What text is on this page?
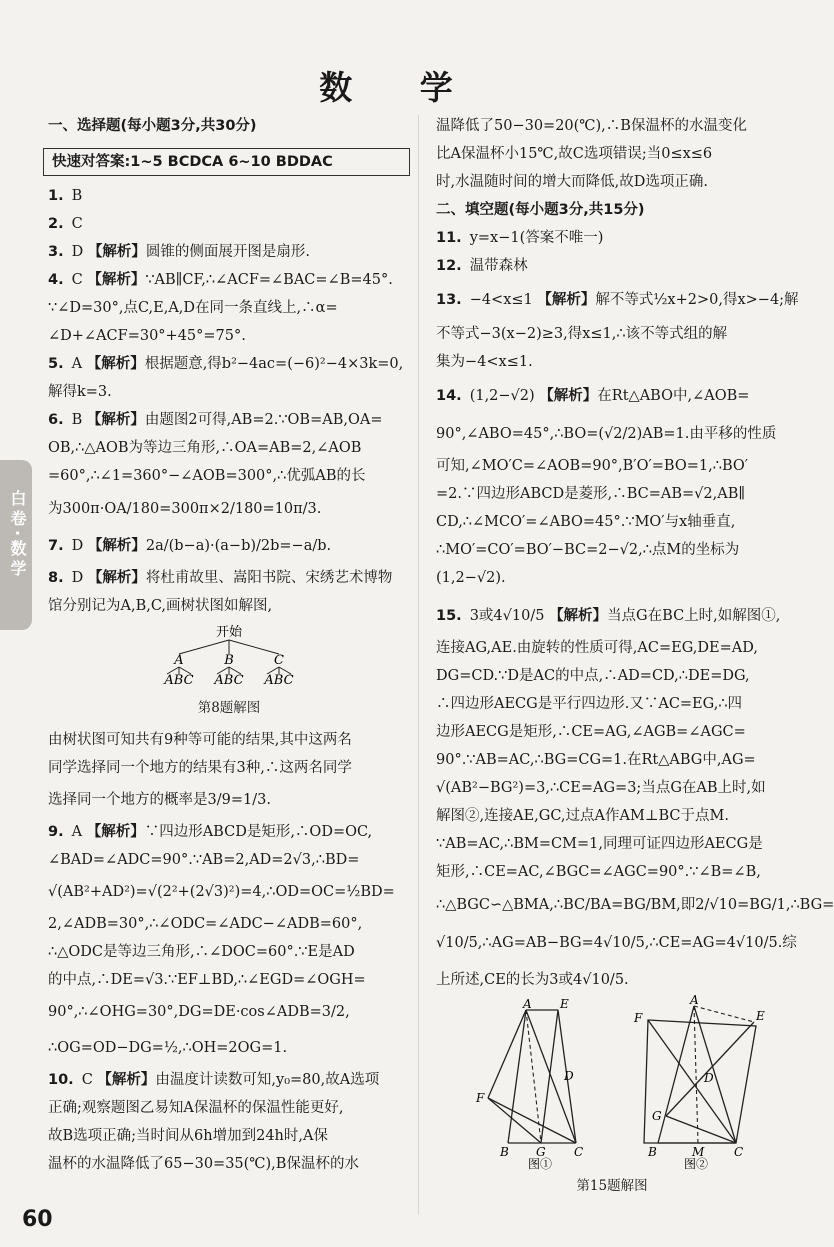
数 学
白卷·数学
一、选择题(每小题3分,共30分)
快速对答案:1~5 BCDCA 6~10 BDDAC
1. B
2. C
3. D 【解析】圆锥的侧面展开图是扇形.
4. C 【解析】∵AB∥CF,∴∠ACF=∠BAC=∠B=45°.
∵∠D=30°,点C,E,A,D在同一条直线上,∴α=
∠D+∠ACF=30°+45°=75°.
5. A 【解析】根据题意,得b²−4ac=(−6)²−4×3k=0,
解得k=3.
6. B 【解析】由题图2可得,AB=2.∵OB=AB,OA=
OB,∴△AOB为等边三角形,∴OA=AB=2,∠AOB
=60°,∴∠1=360°−∠AOB=300°,∴优弧AB的长
为300π·OA/180=300π×2/180=10π/3.
7. D 【解析】2a/(b−a)·(a−b)/2b=−a/b.
8. D 【解析】将杜甫故里、嵩阳书院、宋绣艺术博物
馆分别记为A,B,C,画树状图如解图,
开始
A	B	C
ABC ABC ABC
第8题解图
由树状图可知共有9种等可能的结果,其中这两名
同学选择同一个地方的结果有3种,∴这两名同学
选择同一个地方的概率是3/9=1/3.
9. A 【解析】∵四边形ABCD是矩形,∴OD=OC,
∠BAD=∠ADC=90°.∵AB=2,AD=2√3,∴BD=
√(AB²+AD²)=√(2²+(2√3)²)=4,∴OD=OC=½BD=
2,∠ADB=30°,∴∠ODC=∠ADC−∠ADB=60°,
∴△ODC是等边三角形,∴∠DOC=60°.∵E是AD
的中点,∴DE=√3.∵EF⊥BD,∴∠EGD=∠OGH=
90°,∴∠OHG=30°,DG=DE·cos∠ADB=3/2,
∴OG=OD−DG=½,∴OH=2OG=1.
10. C 【解析】由温度计读数可知,y₀=80,故A选项
正确;观察题图乙易知A保温杯的保温性能更好,
故B选项正确;当时间从6h增加到24h时,A保
温杯的水温降低了65−30=35(℃),B保温杯的水
温降低了50−30=20(℃),∴B保温杯的水温变化
比A保温杯小15℃,故C选项错误;当0≤x≤6
时,水温随时间的增大而降低,故D选项正确.
二、填空题(每小题3分,共15分)
11. y=x−1(答案不唯一)
12. 温带森林
13. −4<x≤1 【解析】解不等式½x+2>0,得x>−4;解
不等式−3(x−2)≥3,得x≤1,∴该不等式组的解
集为−4<x≤1.
14. (1,2−√2) 【解析】在Rt△ABO中,∠AOB=
90°,∠ABO=45°,∴BO=(√2/2)AB=1.由平移的性质
可知,∠MO′C=∠AOB=90°,B′O′=BO=1,∴BO′
=2.∵四边形ABCD是菱形,∴BC=AB=√2,AB∥
CD,∴∠MCO′=∠ABO=45°.∵MO′与x轴垂直,
∴MO′=CO′=BO′−BC=2−√2,∴点M的坐标为
(1,2−√2).
15. 3或4√10/5 【解析】当点G在BC上时,如解图①,
连接AG,AE.由旋转的性质可得,AC=EG,DE=AD,
DG=CD.∵D是AC的中点,∴AD=CD,∴DE=DG,
∴四边形AECG是平行四边形.又∵AC=EG,∴四
边形AECG是矩形,∴CE=AG,∠AGB=∠AGC=
90°.∵AB=AC,∴BG=CG=1.在Rt△ABG中,AG=
√(AB²−BG²)=3,∴CE=AG=3;当点G在AB上时,如
解图②,连接AE,GC,过点A作AM⊥BC于点M.
∵AB=AC,∴BM=CM=1,同理可证四边形AECG是
矩形,∴CE=AC,∠BGC=∠AGC=90°.∵∠B=∠B,
∴△BGC∽△BMA,∴BC/BA=BG/BM,即2/√10=BG/1,∴BG=
√10/5,∴AG=AB−BG=4√10/5,∴CE=AG=4√10/5.综
上所述,CE的长为3或4√10/5.
A E
D
F
B G C
图①
A
E
F
D
G
B	M C
图②
第15题解图
60
